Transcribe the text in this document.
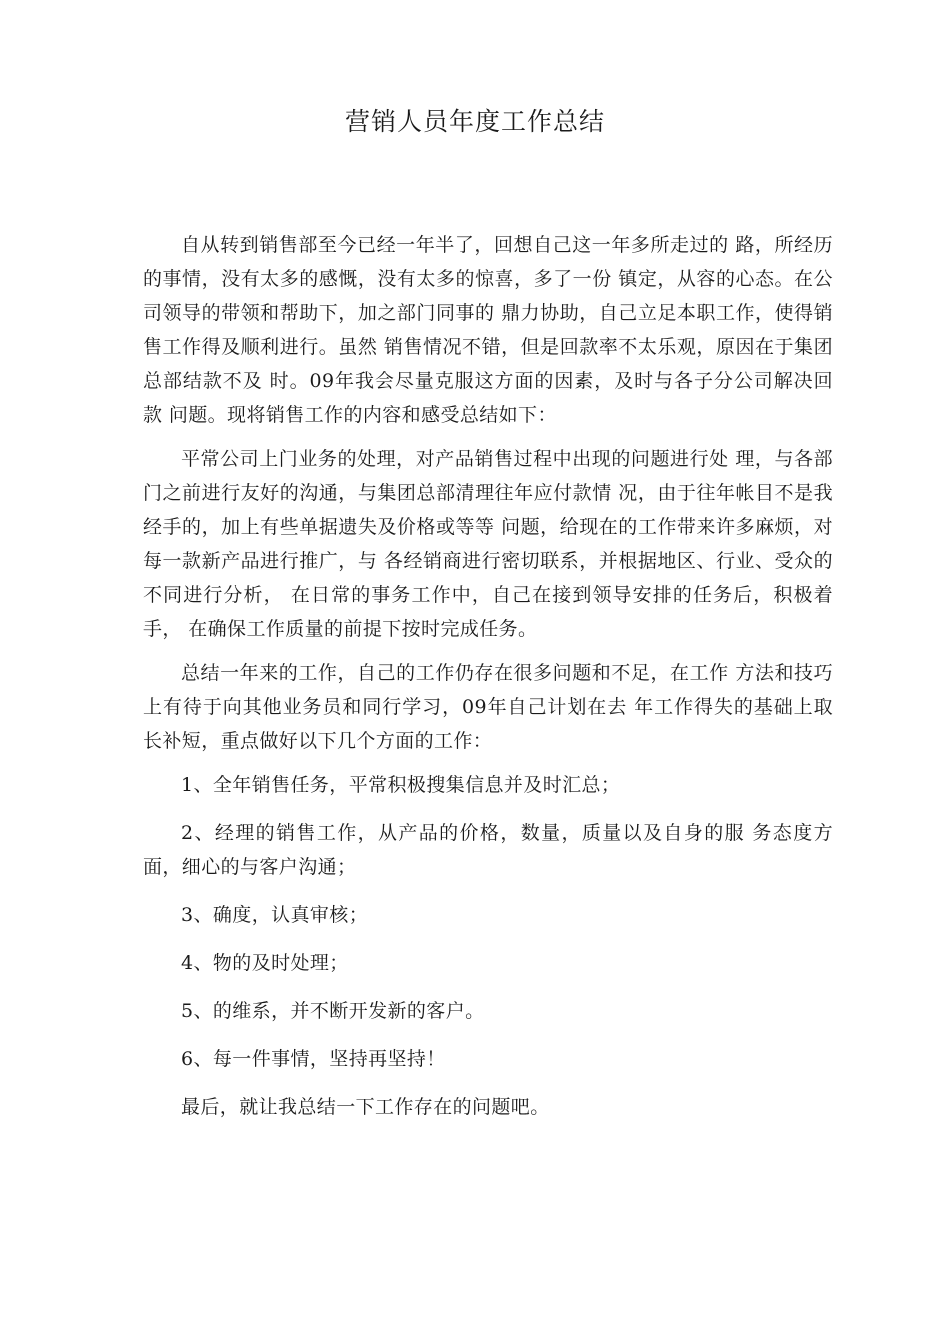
营销人员年度工作总结

自从转到销售部至今已经一年半了，回想自己这一年多所走过的 路，所经历的事情，没有太多的感慨，没有太多的惊喜，多了一份 镇定，从容的心态。在公司领导的带领和帮助下，加之部门同事的 鼎力协助，自己立足本职工作，使得销售工作得及顺利进行。虽然 销售情况不错，但是回款率不太乐观，原因在于集团总部结款不及 时。09年我会尽量克服这方面的因素，及时与各子分公司解决回款 问题。现将销售工作的内容和感受总结如下：

平常公司上门业务的处理，对产品销售过程中出现的问题进行处 理，与各部门之前进行友好的沟通，与集团总部清理往年应付款情 况，由于往年帐目不是我经手的，加上有些单据遗失及价格或等等 问题，给现在的工作带来许多麻烦，对每一款新产品进行推广，与 各经销商进行密切联系，并根据地区、行业、受众的不同进行分析， 在日常的事务工作中，自己在接到领导安排的任务后，积极着手， 在确保工作质量的前提下按时完成任务。

总结一年来的工作，自己的工作仍存在很多问题和不足，在工作 方法和技巧上有待于向其他业务员和同行学习，09年自己计划在去 年工作得失的基础上取长补短，重点做好以下几个方面的工作：

1、全年销售任务，平常积极搜集信息并及时汇总；

2、经理的销售工作，从产品的价格，数量，质量以及自身的服 务态度方面，细心的与客户沟通；

3、确度，认真审核；

4、物的及时处理；

5、的维系，并不断开发新的客户。

6、每一件事情，坚持再坚持！

最后，就让我总结一下工作存在的问题吧。
